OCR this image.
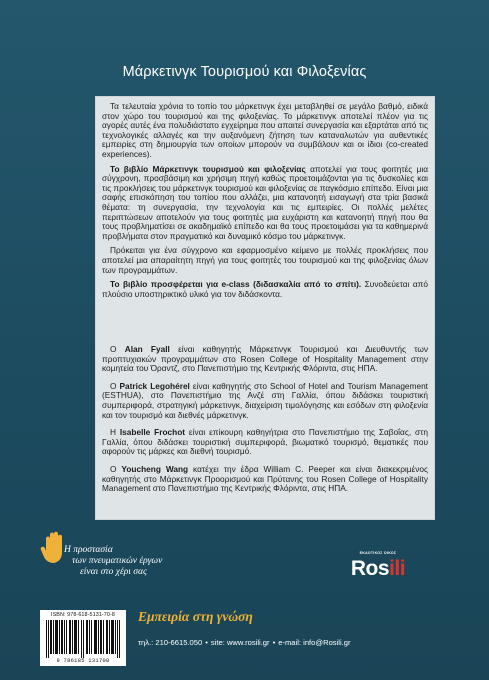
Μάρκετινγκ Τουρισμού και Φιλοξενίας

Τα τελευταία χρόνια το τοπίο του μάρκετινγκ έχει μεταβληθεί σε μεγάλο βαθμό, ειδικά στον χώρο του τουρισμού και της φιλοξενίας. Το μάρκετινγκ αποτελεί πλέον για τις αγορές αυτές ένα πολυδιάστατο εγχείρημα που απαιτεί συνεργασία και εξαρτάται από τις τεχνολογικές αλλαγές και την αυξανόμενη ζήτηση των καταναλωτών για αυθεντικές εμπειρίες στη δημιουργία των οποίων μπορούν να συμβάλουν και οι ίδιοι (co-created experiences).

Το βιβλίο Μάρκετινγκ τουρισμού και φιλοξενίας αποτελεί για τους φοιτητές μια σύγχρονη, προσβάσιμη και χρήσιμη πηγή καθώς προετοιμάζονται για τις δυσκολίες και τις προκλήσεις του μάρκετινγκ τουρισμού και φιλοξενίας σε παγκόσμιο επίπεδο. Είναι μια σαφής επισκόπηση του τοπίου που αλλάζει, μια κατανοητή εισαγωγή στα τρία βασικά θέματα: τη συνεργασία, την τεχνολογία και τις εμπειρίες. Οι πολλές μελέτες περιπτώσεων αποτελούν για τους φοιτητές μια ευχάριστη και κατανοητή πηγή που θα τους προβληματίσει σε ακαδημαϊκό επίπεδο και θα τους προετοιμάσει για τα καθημερινά προβλήματα στον πραγματικό και δυναμικό κόσμο του μάρκετινγκ.

Πρόκειται για ένα σύγχρονο και εφαρμοσμένο κείμενο με πολλές προκλήσεις που αποτελεί μια απαραίτητη πηγή για τους φοιτητές του τουρισμού και της φιλοξενίας όλων των προγραμμάτων.

Το βιβλίο προσφέρεται για e-class (διδασκαλία από το σπίτι). Συνοδεύεται από πλούσιο υποστηρικτικό υλικό για τον διδάσκοντα.

Ο Alan Fyall είναι καθηγητής Μάρκετινγκ Τουρισμού και Διευθυντής των προπτυχιακών προγραμμάτων στο Rosen College of Hospitality Management στην κομητεία του Όραντζ, στο Πανεπιστήμιο της Κεντρικής Φλόριντα, στις ΗΠΑ.

Ο Patrick Legohérel είναι καθηγητής στο School of Hotel and Tourism Management (ESTHUA), στο Πανεπιστήμιο της Ανζέ στη Γαλλία, όπου διδάσκει τουριστική συμπεριφορά, στρατηγική μάρκετινγκ, διαχείριση τιμολόγησης και εσόδων στη φιλοξενία και τον τουρισμό και διεθνές μάρκετινγκ.

Η Isabelle Frochot είναι επίκουρη καθηγήτρια στο Πανεπιστήμιο της Σαβοΐας, στη Γαλλία, όπου διδάσκει τουριστική συμπεριφορά, βιωματικό τουρισμό, θεματικές που αφορούν τις μάρκες και διεθνή τουρισμό.

Ο Youcheng Wang κατέχει την έδρα William C. Peeper και είναι διακεκριμένος καθηγητής στο Μάρκετινγκ Προορισμού και Πρύτανης του Rosen College of Hospitality Management στο Πανεπιστήμιο της Κεντρικής Φλόριντα, στις ΗΠΑ.

Η προστασία
των πνευματικών έργων
είναι στο χέρι σας
ΕΚΔΟΤΙΚΟΣ ΟΙΚΟΣ
Rosili
ISBN: 978-618-5131-70-8
9 786185 131708
Εμπειρία στη γνώση
τηλ.: 210-6615.050 • site: www.rosili.gr • e-mail: info@Rosili.gr
